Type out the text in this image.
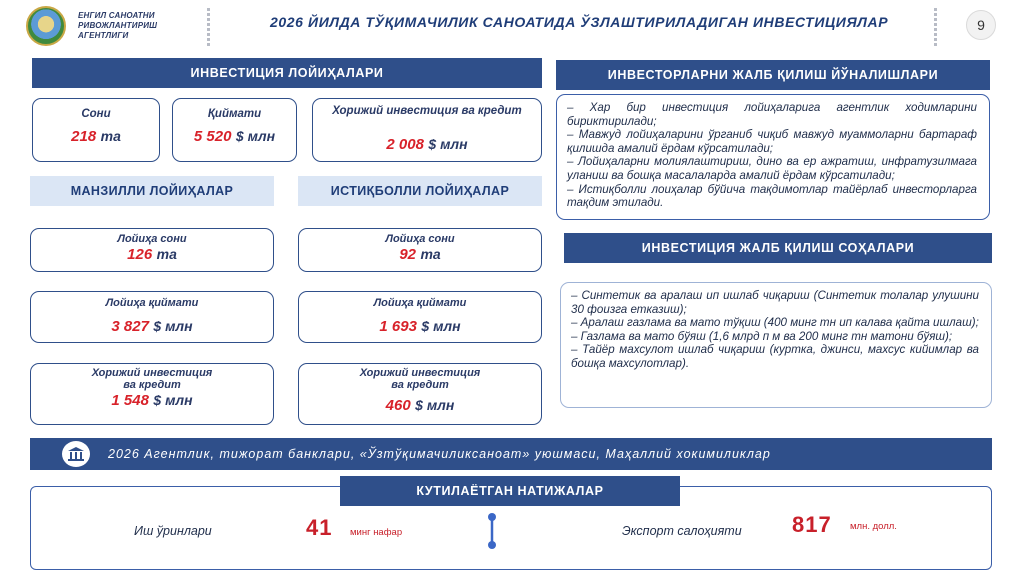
ЕНГИЛ САНОАТНИ
РИВОЖЛАНТИРИШ АГЕНТЛИГИ
2026 ЙИЛДА ТЎҚИМАЧИЛИК САНОАТИДА ЎЗЛАШТИРИЛАДИГАН ИНВЕСТИЦИЯЛАР	9
ИНВЕСТИЦИЯ ЛОЙИҲАЛАРИ
Сони
218 та
Қиймати
5 520 $ млн
Хорижий инвестиция ва кредит
2 008 $ млн
МАНЗИЛЛИ ЛОЙИҲАЛАР
Лойиҳа сони
126 та
Лойиҳа қиймати
3 827 $ млн
Хорижий инвестиция
ва кредит
1 548 $ млн
ИСТИҚБОЛЛИ ЛОЙИҲАЛАР
Лойиҳа сони
92 та
Лойиҳа қиймати
1 693 $ млн
Хорижий инвестиция
ва кредит
460 $ млн
ИНВЕСТОРЛАРНИ ЖАЛБ ҚИЛИШ ЙЎНАЛИШЛАРИ
– Хар бир инвестиция лойиҳаларига агентлик ходимларини бириктирилади;
– Мавжуд лойиҳаларини ўрганиб чиқиб мавжуд муаммоларни бартараф қилишда амалий ёрдам кўрсатилади;
– Лойиҳаларни молиялаштириш, дино ва ер ажратиш, инфратузилмага уланиш ва бошқа масалаларда амалий ёрдам кўрсатилади;
– Истиқболли лоиҳалар бўйича тақдимотлар тайёрлаб инвесторларга тақдим этилади.
ИНВЕСТИЦИЯ ЖАЛБ ҚИЛИШ СОҲАЛАРИ
– Синтетик ва аралаш ип ишлаб чиқариш (Синтетик толалар улушини 30 фоизга етказиш);
– Аралаш газлама ва мато тўқиш (400 минг тн ип калава қайта ишлаш);
– Газлама ва мато бўяш (1,6 млрд п м ва 200 минг тн матони бўяш);
– Тайёр махсулот ишлаб чиқариш (куртка, джинси, махсус кийимлар ва бошқа махсулотлар).
2026 Агентлик, тижорат банклари, «Ўзтўқимачиликсаноат» уюшмаси, Маҳаллий хокимиликлар
КУТИЛАЁТГАН НАТИЖАЛАР
Иш ўринлари	41 минг нафар	Экспорт салоҳияти 817 млн. долл.
